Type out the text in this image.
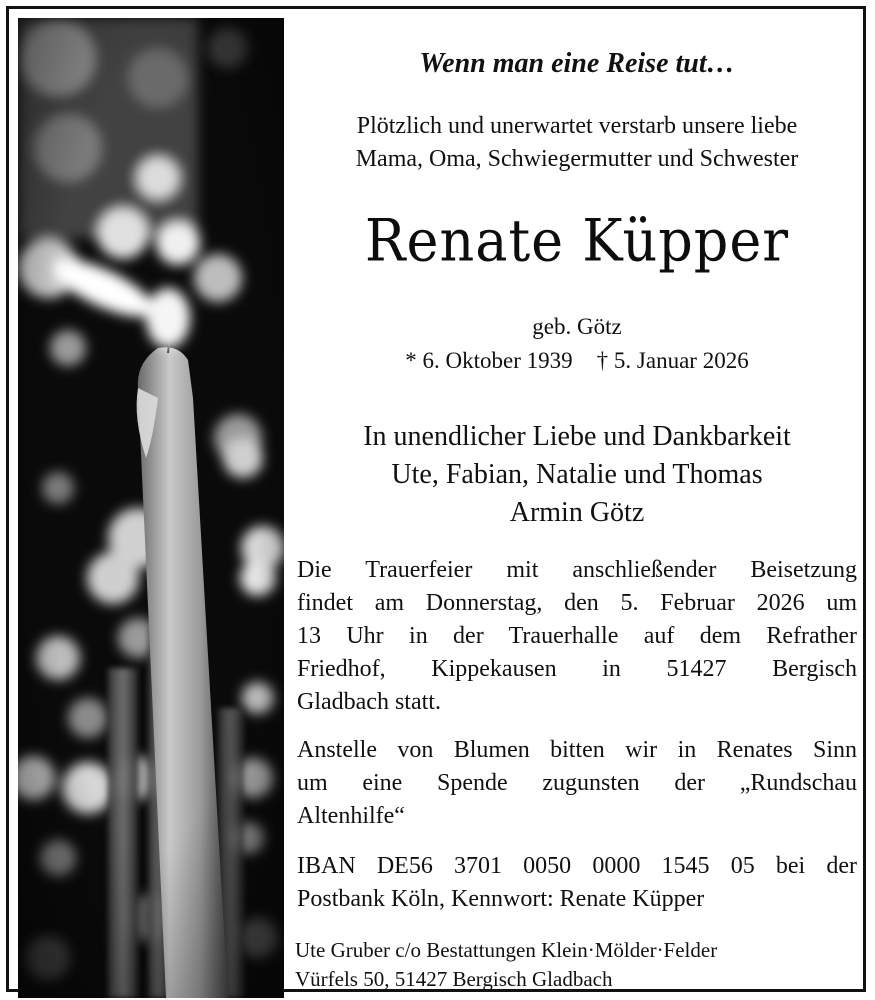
Wenn man eine Reise tut…
Plötzlich und unerwartet verstarb unsere liebe
Mama, Oma, Schwiegermutter und Schwester
Renate Küpper
geb. Götz
* 6. Oktober 1939 † 5. Januar 2026
In unendlicher Liebe und Dankbarkeit
Ute, Fabian, Natalie und Thomas
Armin Götz
Die Trauerfeier mit anschließender Beisetzung
findet am Donnerstag, den 5. Februar 2026 um
13 Uhr in der Trauerhalle auf dem Refrather
Friedhof, Kippekausen in 51427 Bergisch
Gladbach statt.
Anstelle von Blumen bitten wir in Renates Sinn
um eine Spende zugunsten der „Rundschau
Altenhilfe“
IBAN DE56 3701 0050 0000 1545 05 bei der
Postbank Köln, Kennwort: Renate Küpper
Ute Gruber c/o Bestattungen Klein·Mölder·Felder
Vürfels 50, 51427 Bergisch Gladbach
